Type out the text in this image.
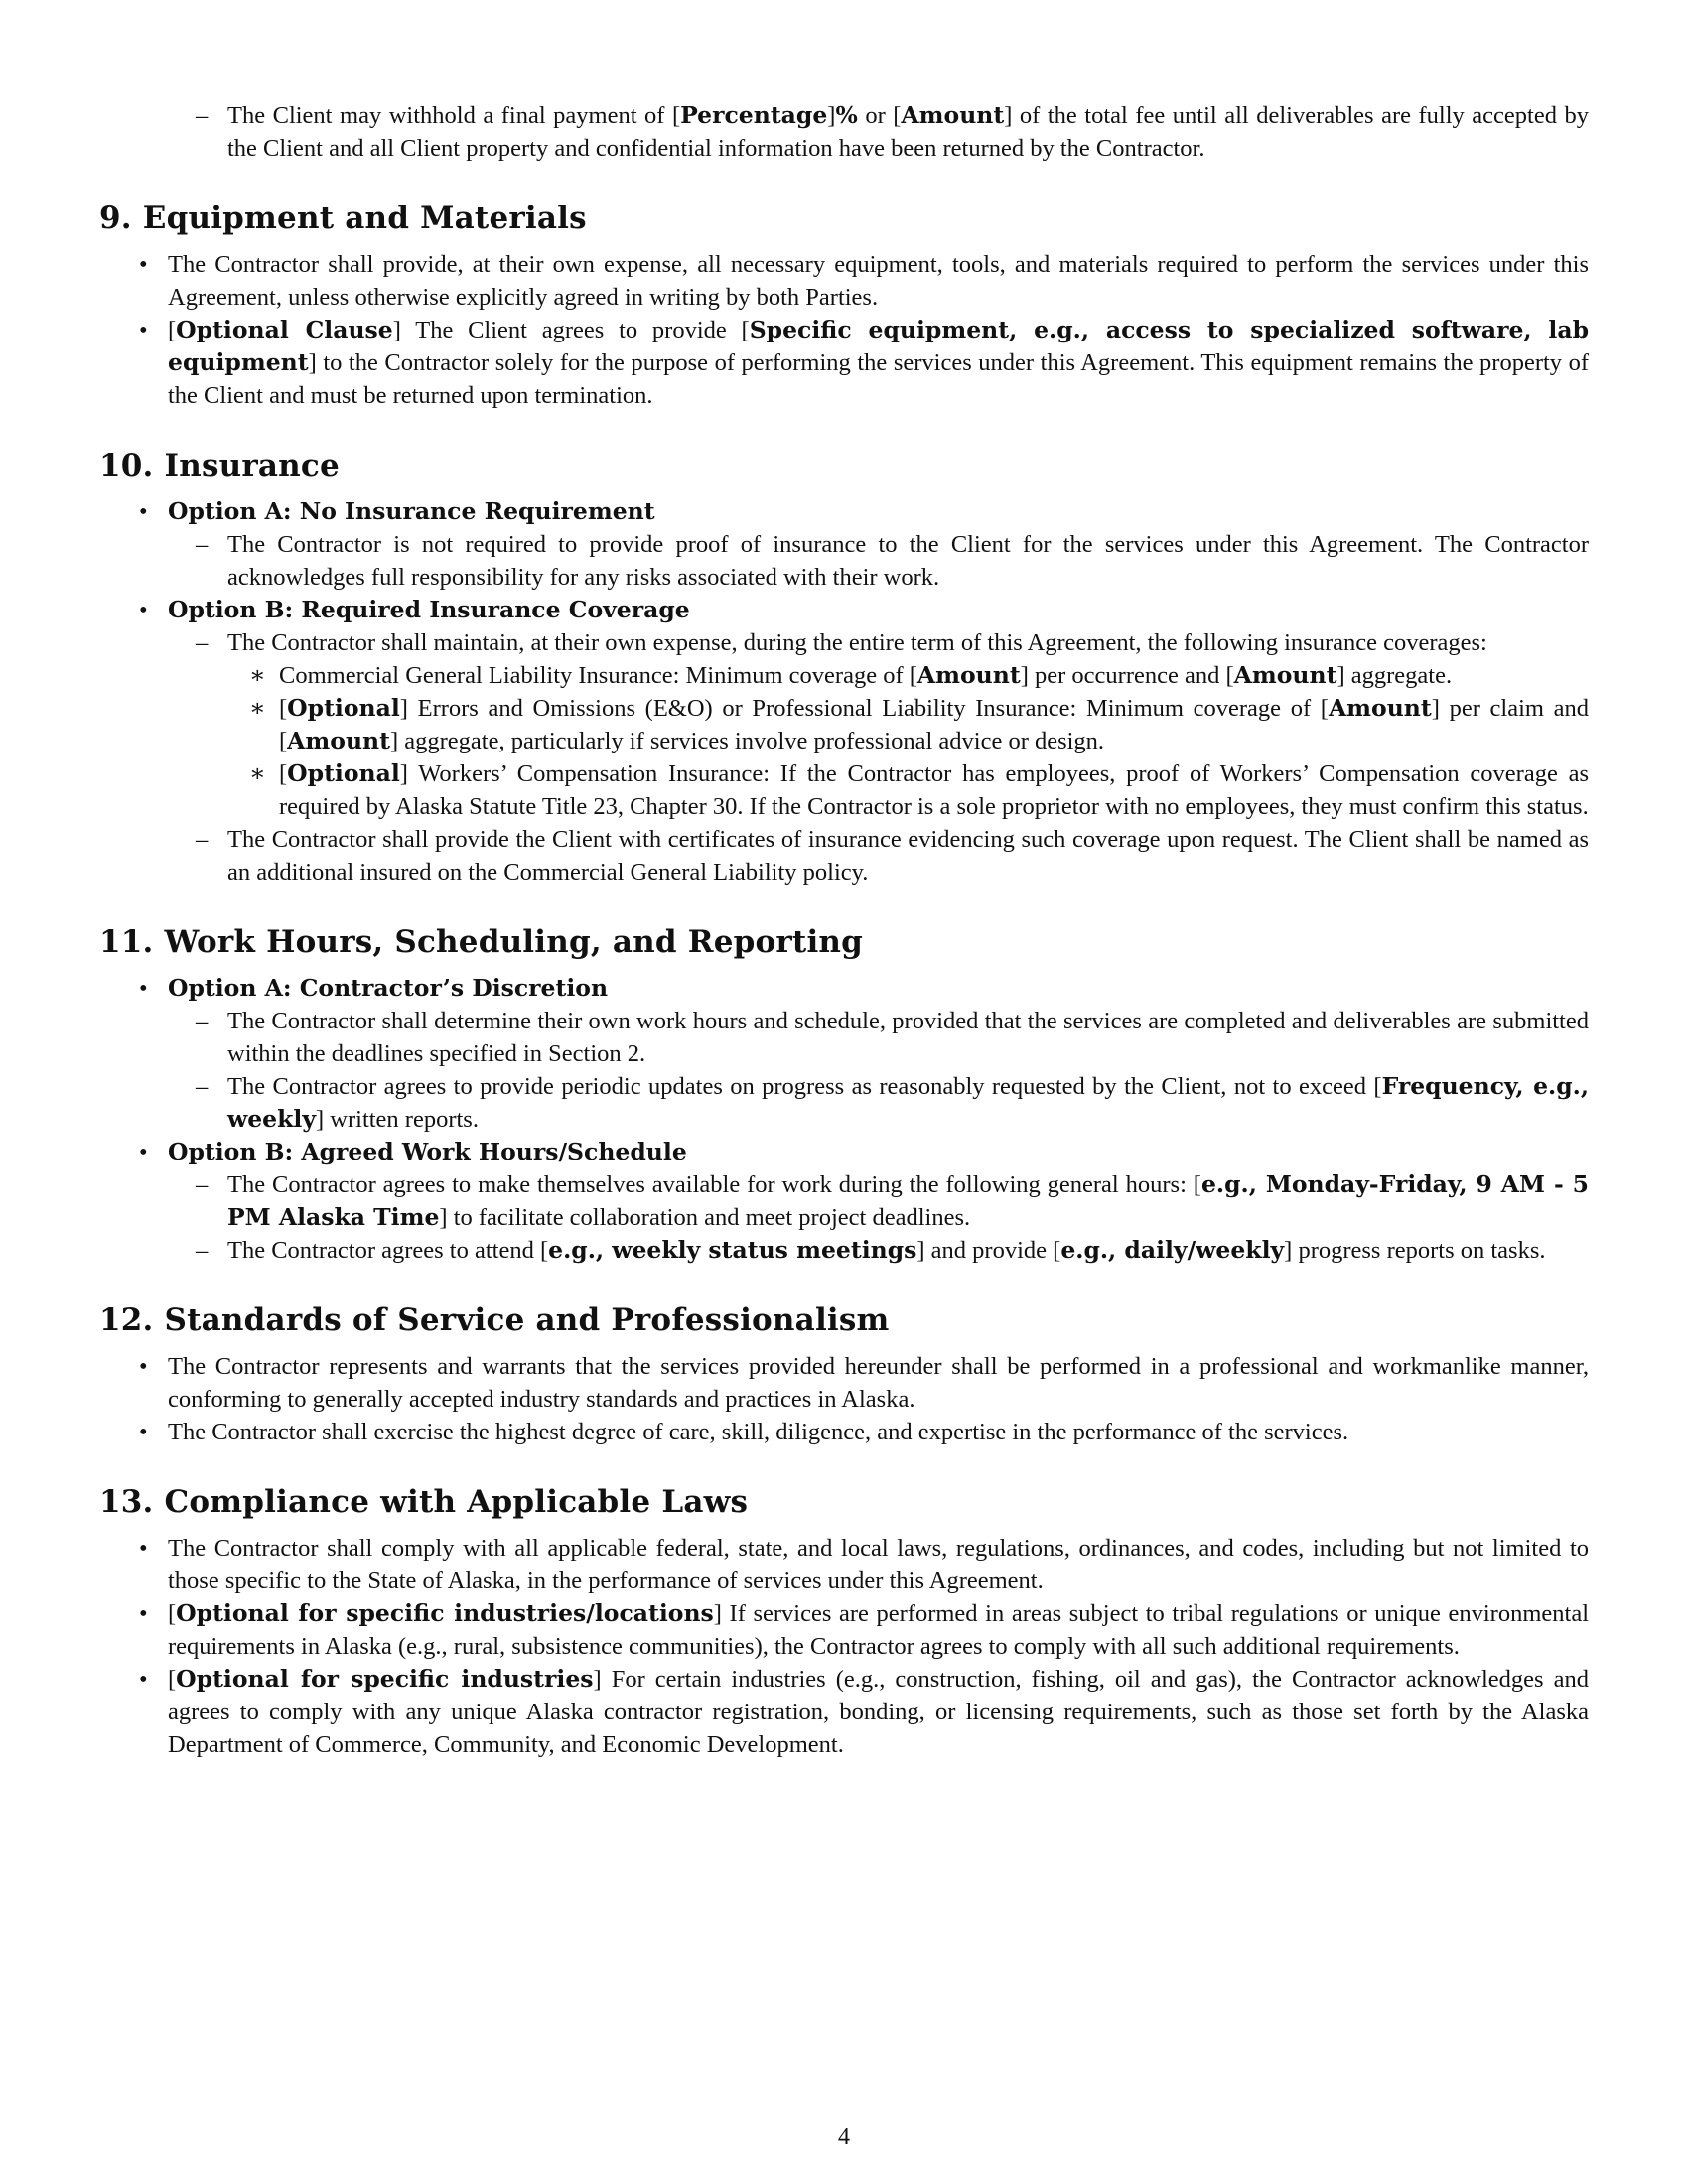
– The Client may withhold a final payment of [Percentage]% or [Amount] of the total fee until all deliverables are fully accepted by the Client and all Client property and confidential information have been returned by the Contractor.
9. Equipment and Materials
• The Contractor shall provide, at their own expense, all necessary equipment, tools, and materials required to perform the services under this Agreement, unless otherwise explicitly agreed in writing by both Parties.
• [Optional Clause] The Client agrees to provide [Specific equipment, e.g., access to specialized software, lab equipment] to the Contractor solely for the purpose of performing the services under this Agreement. This equipment remains the property of the Client and must be returned upon termination.
10. Insurance
• Option A: No Insurance Requirement
– The Contractor is not required to provide proof of insurance to the Client for the services under this Agreement. The Contractor acknowledges full responsibility for any risks associated with their work.
• Option B: Required Insurance Coverage
– The Contractor shall maintain, at their own expense, during the entire term of this Agreement, the following insurance coverages:
∗ Commercial General Liability Insurance: Minimum coverage of [Amount] per occurrence and [Amount] aggregate.
∗ [Optional] Errors and Omissions (E&O) or Professional Liability Insurance: Minimum coverage of [Amount] per claim and [Amount] aggregate, particularly if services involve professional advice or design.
∗ [Optional] Workers’ Compensation Insurance: If the Contractor has employees, proof of Workers’ Compensation coverage as required by Alaska Statute Title 23, Chapter 30. If the Contractor is a sole proprietor with no employees, they must confirm this status.
– The Contractor shall provide the Client with certificates of insurance evidencing such coverage upon request. The Client shall be named as an additional insured on the Commercial General Liability policy.
11. Work Hours, Scheduling, and Reporting
• Option A: Contractor’s Discretion
– The Contractor shall determine their own work hours and schedule, provided that the services are completed and deliverables are submitted within the deadlines specified in Section 2.
– The Contractor agrees to provide periodic updates on progress as reasonably requested by the Client, not to exceed [Frequency, e.g., weekly] written reports.
• Option B: Agreed Work Hours/Schedule
– The Contractor agrees to make themselves available for work during the following general hours: [e.g., Monday-Friday, 9 AM - 5 PM Alaska Time] to facilitate collaboration and meet project deadlines.
– The Contractor agrees to attend [e.g., weekly status meetings] and provide [e.g., daily/weekly] progress reports on tasks.
12. Standards of Service and Professionalism
• The Contractor represents and warrants that the services provided hereunder shall be performed in a professional and workmanlike manner, conforming to generally accepted industry standards and practices in Alaska.
• The Contractor shall exercise the highest degree of care, skill, diligence, and expertise in the performance of the services.
13. Compliance with Applicable Laws
• The Contractor shall comply with all applicable federal, state, and local laws, regulations, ordinances, and codes, including but not limited to those specific to the State of Alaska, in the performance of services under this Agreement.
• [Optional for specific industries/locations] If services are performed in areas subject to tribal regulations or unique environmental requirements in Alaska (e.g., rural, subsistence communities), the Contractor agrees to comply with all such additional requirements.
• [Optional for specific industries] For certain industries (e.g., construction, fishing, oil and gas), the Contractor acknowledges and agrees to comply with any unique Alaska contractor registration, bonding, or licensing requirements, such as those set forth by the Alaska Department of Commerce, Community, and Economic Development.
4
